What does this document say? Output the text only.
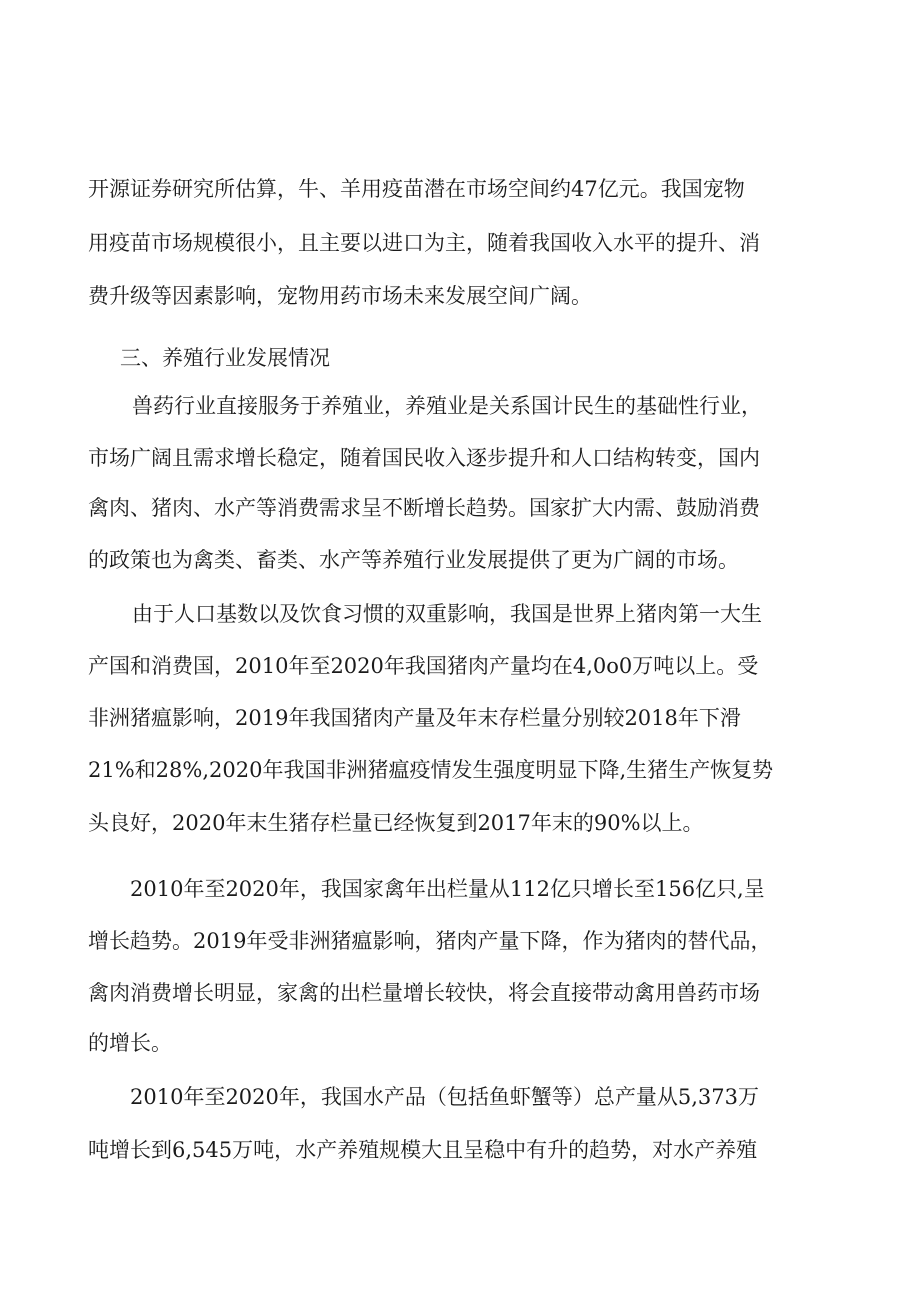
开源证券研究所估算，牛、羊用疫苗潜在市场空间约47亿元。我国宠物
用疫苗市场规模很小，且主要以进口为主，随着我国收入水平的提升、消
费升级等因素影响，宠物用药市场未来发展空间广阔。
三、养殖行业发展情况
兽药行业直接服务于养殖业，养殖业是关系国计民生的基础性行业，
市场广阔且需求增长稳定，随着国民收入逐步提升和人口结构转变，国内
禽肉、猪肉、水产等消费需求呈不断增长趋势。国家扩大内需、鼓励消费
的政策也为禽类、畜类、水产等养殖行业发展提供了更为广阔的市场。
由于人口基数以及饮食习惯的双重影响，我国是世界上猪肉第一大生
产国和消费国，2010年至2020年我国猪肉产量均在4,0o0万吨以上。受
非洲猪瘟影响，2019年我国猪肉产量及年末存栏量分别较2018年下滑
21%和28%,2020年我国非洲猪瘟疫情发生强度明显下降,生猪生产恢复势
头良好，2020年末生猪存栏量已经恢复到2017年末的90%以上。
2010年至2020年，我国家禽年出栏量从112亿只增长至156亿只,呈
增长趋势。2019年受非洲猪瘟影响，猪肉产量下降，作为猪肉的替代品，
禽肉消费增长明显，家禽的出栏量增长较快，将会直接带动禽用兽药市场
的增长。
2010年至2020年，我国水产品（包括鱼虾蟹等）总产量从5,373万
吨增长到6,545万吨，水产养殖规模大且呈稳中有升的趋势，对水产养殖
